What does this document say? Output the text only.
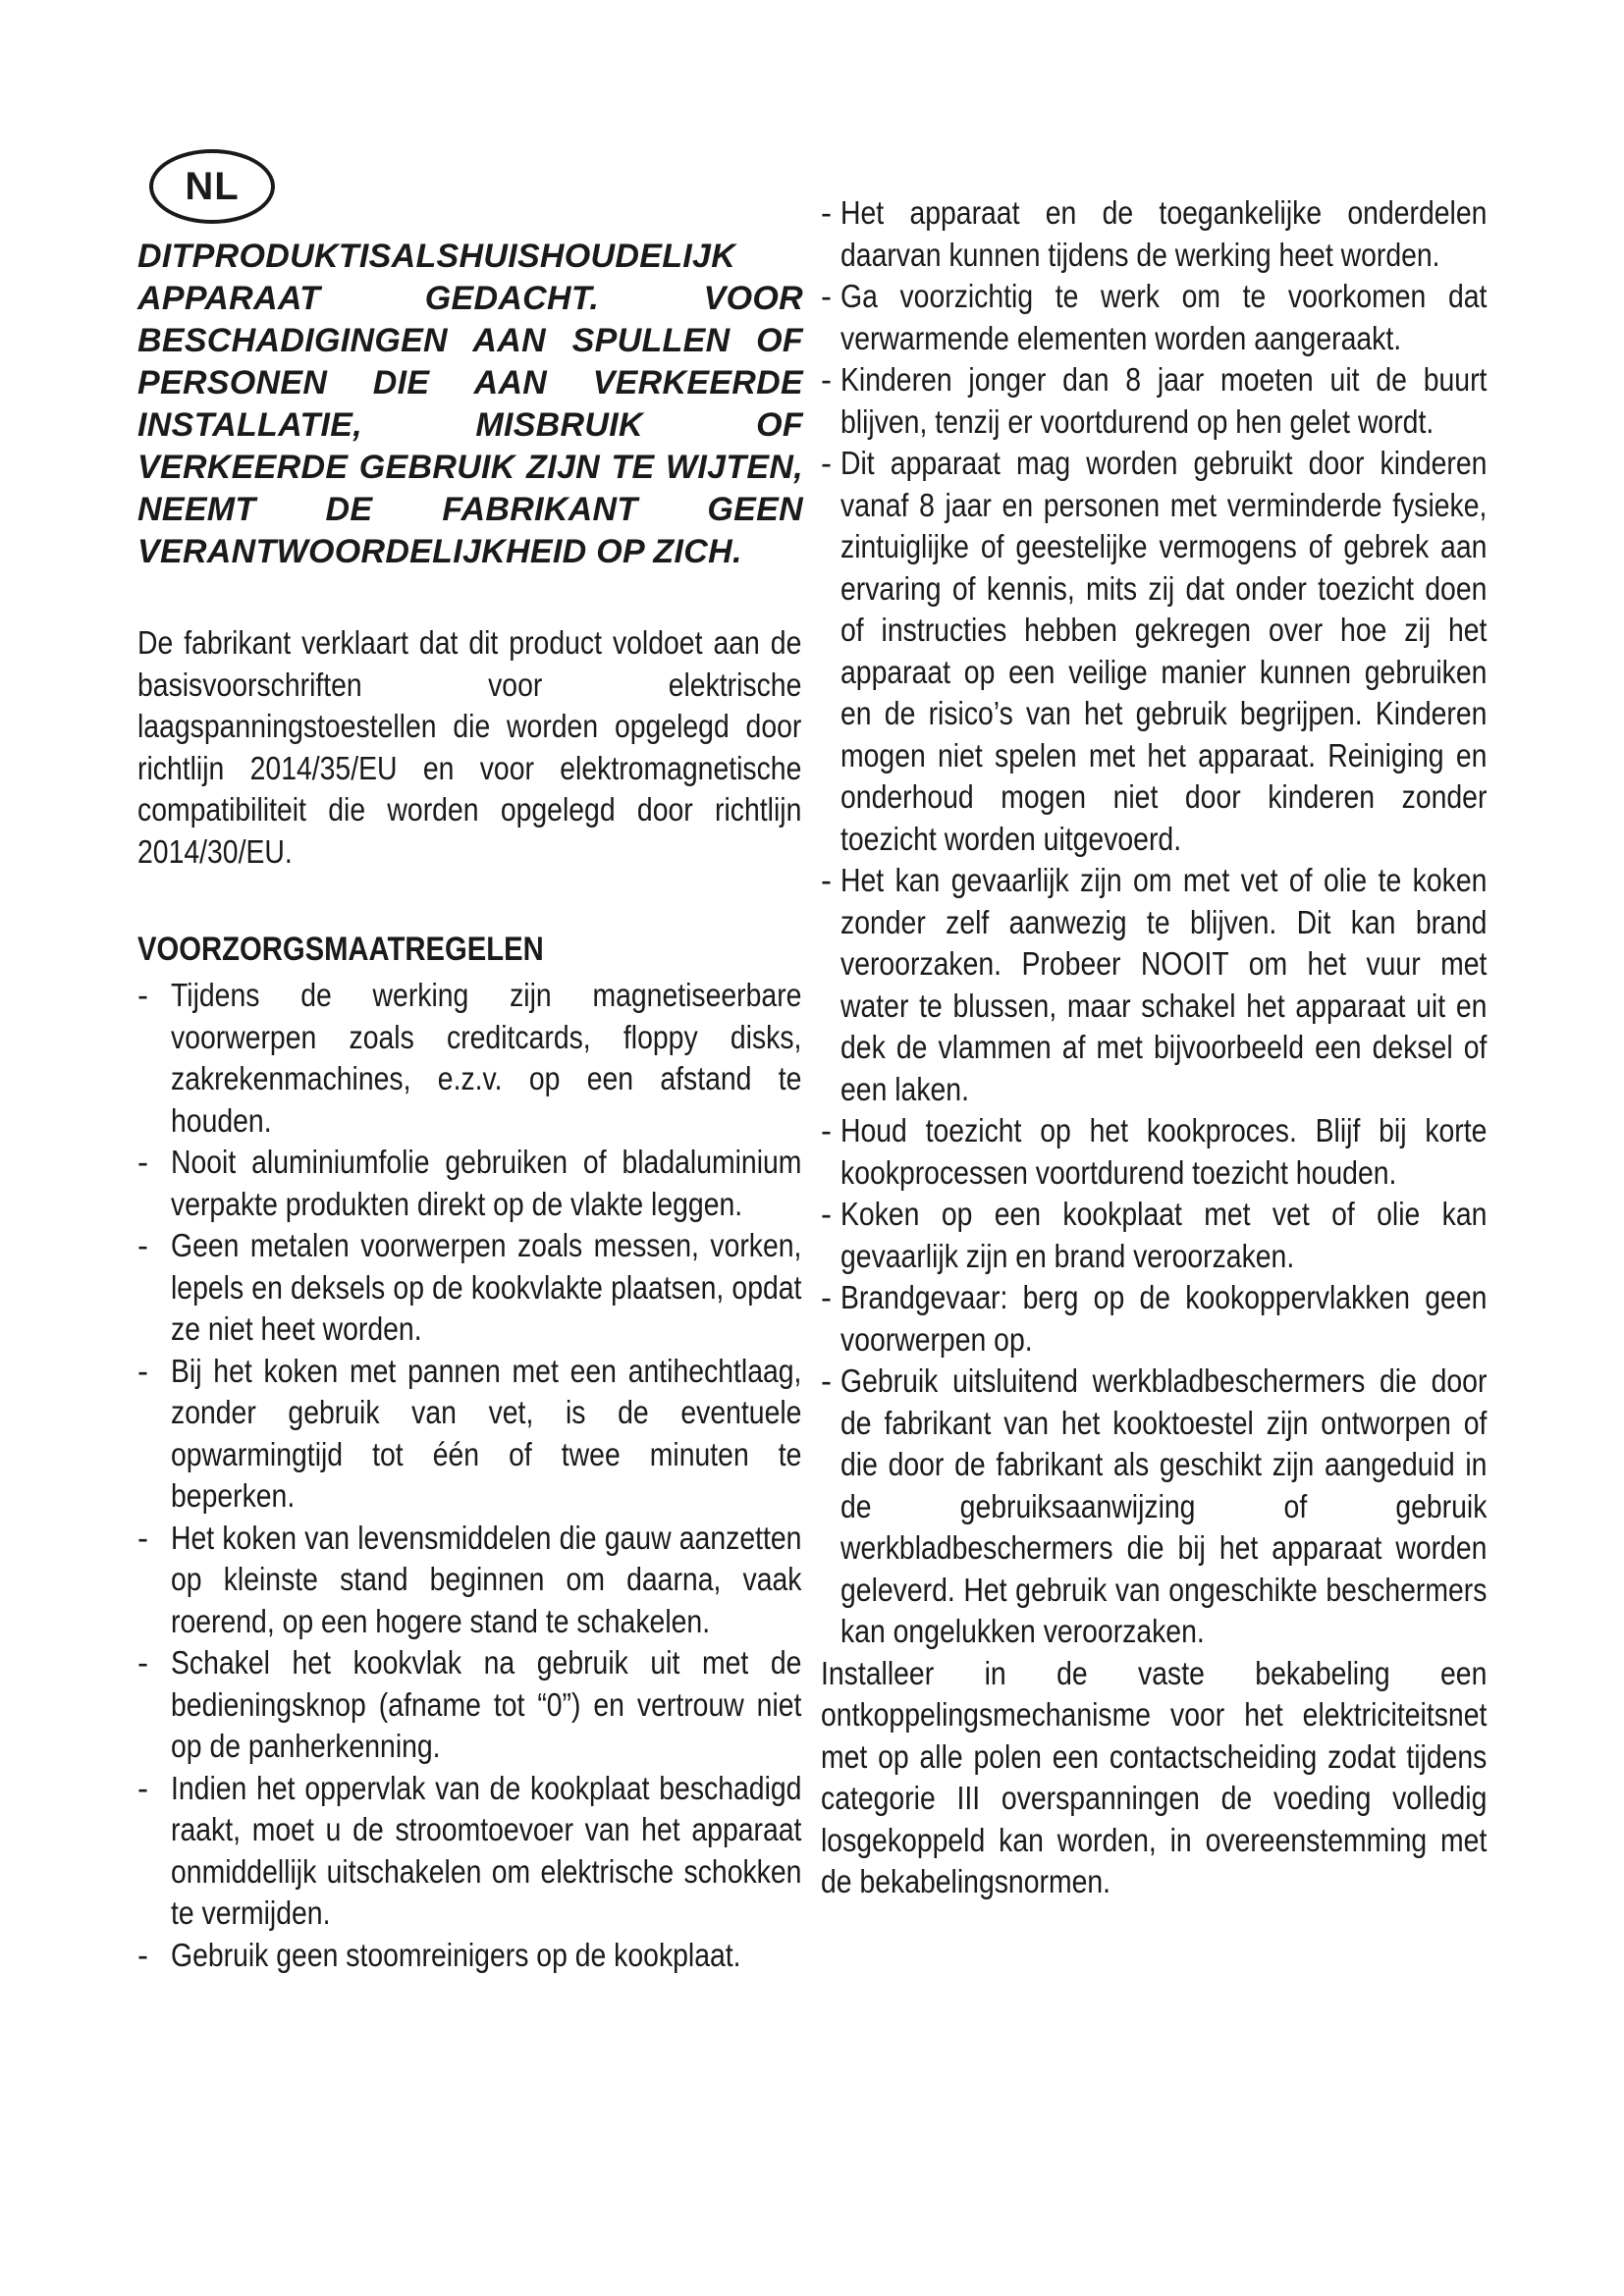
NL

DITPRODUKTISALSHUISHOUDELIJK APPARAAT GEDACHT. VOOR BESCHADIGINGEN AAN SPULLEN OF PERSONEN DIE AAN VERKEERDE INSTALLATIE, MISBRUIK OF VERKEERDE GEBRUIK ZIJN TE WIJTEN, NEEMT DE FABRIKANT GEEN VERANTWOORDELIJKHEID OP ZICH.

De fabrikant verklaart dat dit product voldoet aan de basisvoorschriften voor elektrische laagspanningstoestellen die worden opgelegd door richtlijn 2014/35/EU en voor elektromagnetische compatibiliteit die worden opgelegd door richtlijn 2014/30/EU.

VOORZORGSMAATREGELEN
- Tijdens de werking zijn magnetiseerbare voorwerpen zoals creditcards, floppy disks, zakrekenmachines, e.z.v. op een afstand te houden.
- Nooit aluminiumfolie gebruiken of bladaluminium verpakte produkten direkt op de vlakte leggen.
- Geen metalen voorwerpen zoals messen, vorken, lepels en deksels op de kookvlakte plaatsen, opdat ze niet heet worden.
- Bij het koken met pannen met een antihechtlaag, zonder gebruik van vet, is de eventuele opwarmingtijd tot één of twee minuten te beperken.
- Het koken van levensmiddelen die gauw aanzetten op kleinste stand beginnen om daarna, vaak roerend, op een hogere stand te schakelen.
- Schakel het kookvlak na gebruik uit met de bedieningsknop (afname tot “0”) en vertrouw niet op de panherkenning.
- Indien het oppervlak van de kookplaat beschadigd raakt, moet u de stroomtoevoer van het apparaat onmiddellijk uitschakelen om elektrische schokken te vermijden.
- Gebruik geen stoomreinigers op de kookplaat.
- Het apparaat en de toegankelijke onderdelen daarvan kunnen tijdens de werking heet worden.
- Ga voorzichtig te werk om te voorkomen dat verwarmende elementen worden aangeraakt.
- Kinderen jonger dan 8 jaar moeten uit de buurt blijven, tenzij er voortdurend op hen gelet wordt.
- Dit apparaat mag worden gebruikt door kinderen vanaf 8 jaar en personen met verminderde fysieke, zintuiglijke of geestelijke vermogens of gebrek aan ervaring of kennis, mits zij dat onder toezicht doen of instructies hebben gekregen over hoe zij het apparaat op een veilige manier kunnen gebruiken en de risico’s van het gebruik begrijpen. Kinderen mogen niet spelen met het apparaat. Reiniging en onderhoud mogen niet door kinderen zonder toezicht worden uitgevoerd.
- Het kan gevaarlijk zijn om met vet of olie te koken zonder zelf aanwezig te blijven. Dit kan brand veroorzaken. Probeer NOOIT om het vuur met water te blussen, maar schakel het apparaat uit en dek de vlammen af met bijvoorbeeld een deksel of een laken.
- Houd toezicht op het kookproces. Blijf bij korte kookprocessen voortdurend toezicht houden.
- Koken op een kookplaat met vet of olie kan gevaarlijk zijn en brand veroorzaken.
- Brandgevaar: berg op de kookoppervlakken geen voorwerpen op.
- Gebruik uitsluitend werkbladbeschermers die door de fabrikant van het kooktoestel zijn ontworpen of die door de fabrikant als geschikt zijn aangeduid in de gebruiksaanwijzing of gebruik werkbladbeschermers die bij het apparaat worden geleverd. Het gebruik van ongeschikte beschermers kan ongelukken veroorzaken.

Installeer in de vaste bekabeling een ontkoppelingsmechanisme voor het elektriciteitsnet met op alle polen een contactscheiding zodat tijdens categorie III overspanningen de voeding volledig losgekoppeld kan worden, in overeenstemming met de bekabelingsnormen.
